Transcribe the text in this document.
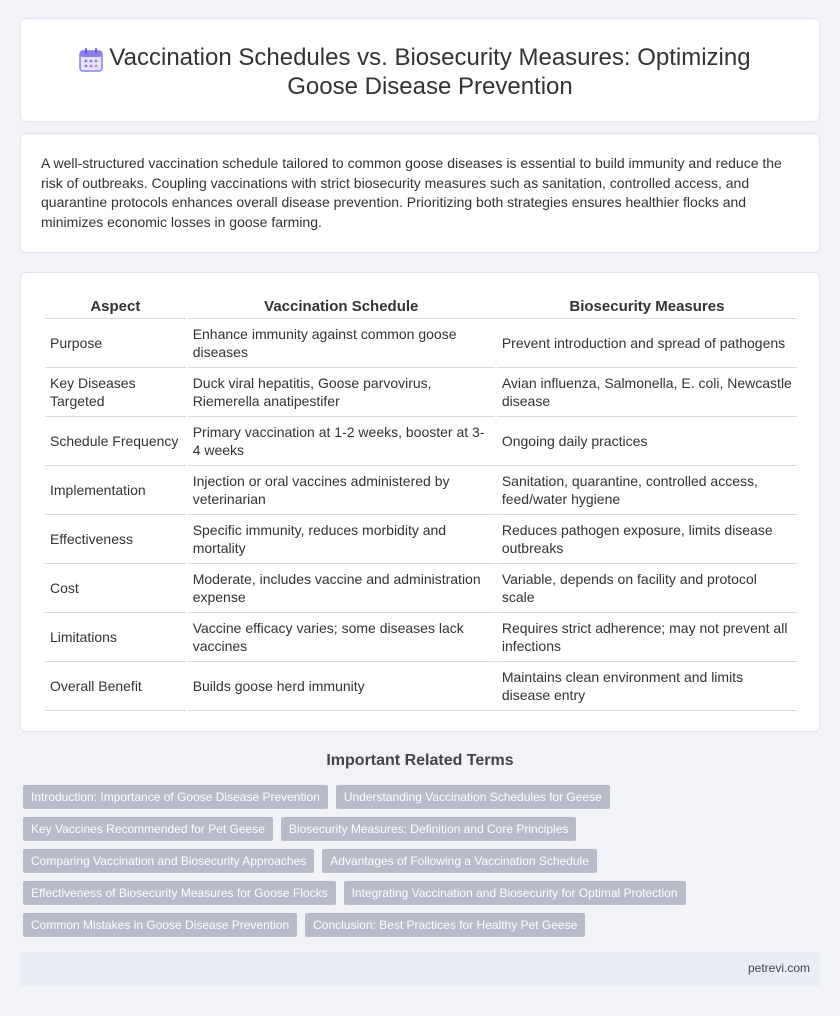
Vaccination Schedules vs. Biosecurity Measures: Optimizing Goose Disease Prevention

A well-structured vaccination schedule tailored to common goose diseases is essential to build immunity and reduce the risk of outbreaks. Coupling vaccinations with strict biosecurity measures such as sanitation, controlled access, and quarantine protocols enhances overall disease prevention. Prioritizing both strategies ensures healthier flocks and minimizes economic losses in goose farming.

Aspect	Vaccination Schedule	Biosecurity Measures
Purpose	Enhance immunity against common goose diseases	Prevent introduction and spread of pathogens
Key Diseases Targeted	Duck viral hepatitis, Goose parvovirus, Riemerella anatipestifer	Avian influenza, Salmonella, E. coli, Newcastle disease
Schedule Frequency	Primary vaccination at 1-2 weeks, booster at 3-4 weeks	Ongoing daily practices
Implementation	Injection or oral vaccines administered by veterinarian	Sanitation, quarantine, controlled access, feed/water hygiene
Effectiveness	Specific immunity, reduces morbidity and mortality	Reduces pathogen exposure, limits disease outbreaks
Cost	Moderate, includes vaccine and administration expense	Variable, depends on facility and protocol scale
Limitations	Vaccine efficacy varies; some diseases lack vaccines	Requires strict adherence; may not prevent all infections
Overall Benefit	Builds goose herd immunity	Maintains clean environment and limits disease entry
Important Related Terms
Introduction: Importance of Goose Disease Prevention	Understanding Vaccination Schedules for Geese
Key Vaccines Recommended for Pet Geese	Biosecurity Measures: Definition and Core Principles
Comparing Vaccination and Biosecurity Approaches	Advantages of Following a Vaccination Schedule
Effectiveness of Biosecurity Measures for Goose Flocks	Integrating Vaccination and Biosecurity for Optimal Protection
Common Mistakes in Goose Disease Prevention	Conclusion: Best Practices for Healthy Pet Geese
petrevi.com
